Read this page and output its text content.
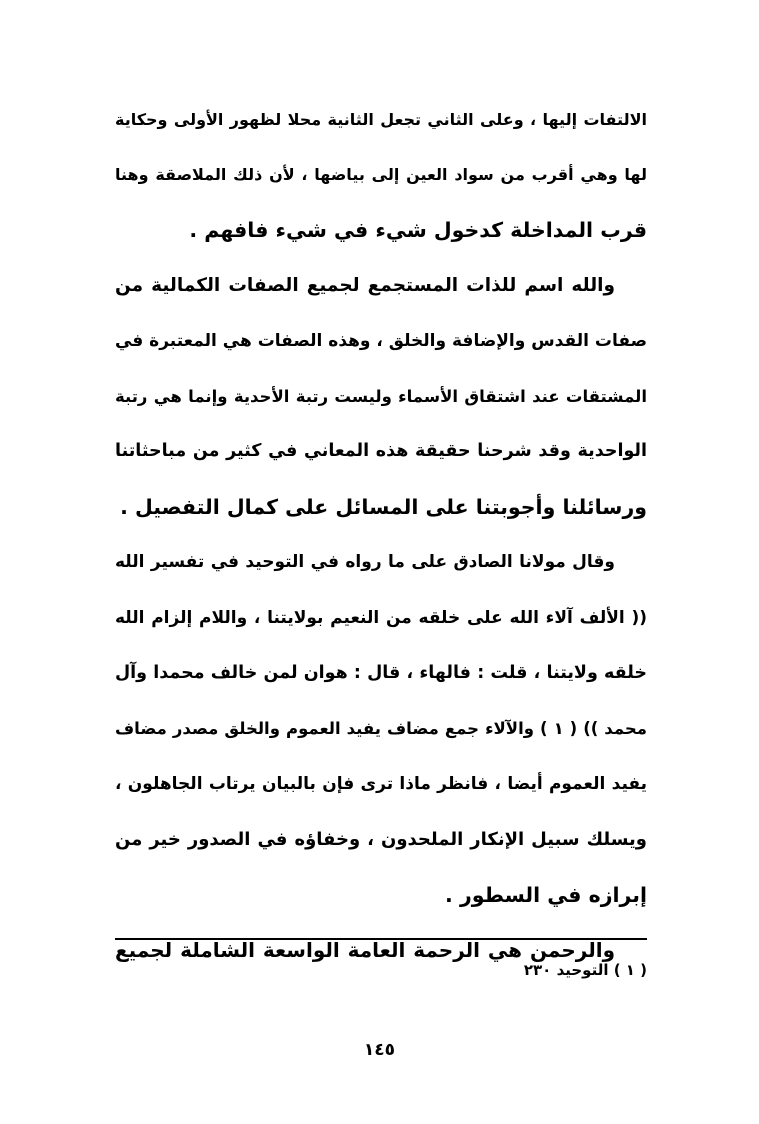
الالتفات إليها ، وعلى الثاني تجعل الثانية محلا لظهور الأولى وحكاية
لها وهي أقرب من سواد العين إلى بياضها ، لأن ذلك الملاصقة وهنا
قرب المداخلة كدخول شيء في شيء فافهم .
والله اسم للذات المستجمع لجميع الصفات الكمالية من
صفات القدس والإضافة والخلق ، وهذه الصفات هي المعتبرة في
المشتقات عند اشتقاق الأسماء وليست رتبة الأحدية وإنما هي رتبة
الواحدية وقد شرحنا حقيقة هذه المعاني في كثير من مباحثاتنا
ورسائلنا وأجوبتنا على المسائل على كمال التفصيل .
وقال مولانا الصادق على ما رواه في التوحيد في تفسير الله
(( الألف آلاء الله على خلقه من النعيم بولايتنا ، واللام إلزام الله
خلقه ولايتنا ، قلت : فالهاء ، قال : هوان لمن خالف محمدا وآل
محمد )) ( ١ ) والآلاء جمع مضاف يفيد العموم والخلق مصدر مضاف
يفيد العموم أيضا ، فانظر ماذا ترى فإن بالبيان يرتاب الجاهلون ،
ويسلك سبيل الإنكار الملحدون ، وخفاؤه في الصدور خير من
إبرازه في السطور .
والرحمن هي الرحمة العامة الواسعة الشاملة لجميع
( ١ ) التوحيد ٢٣٠
١٤٥
